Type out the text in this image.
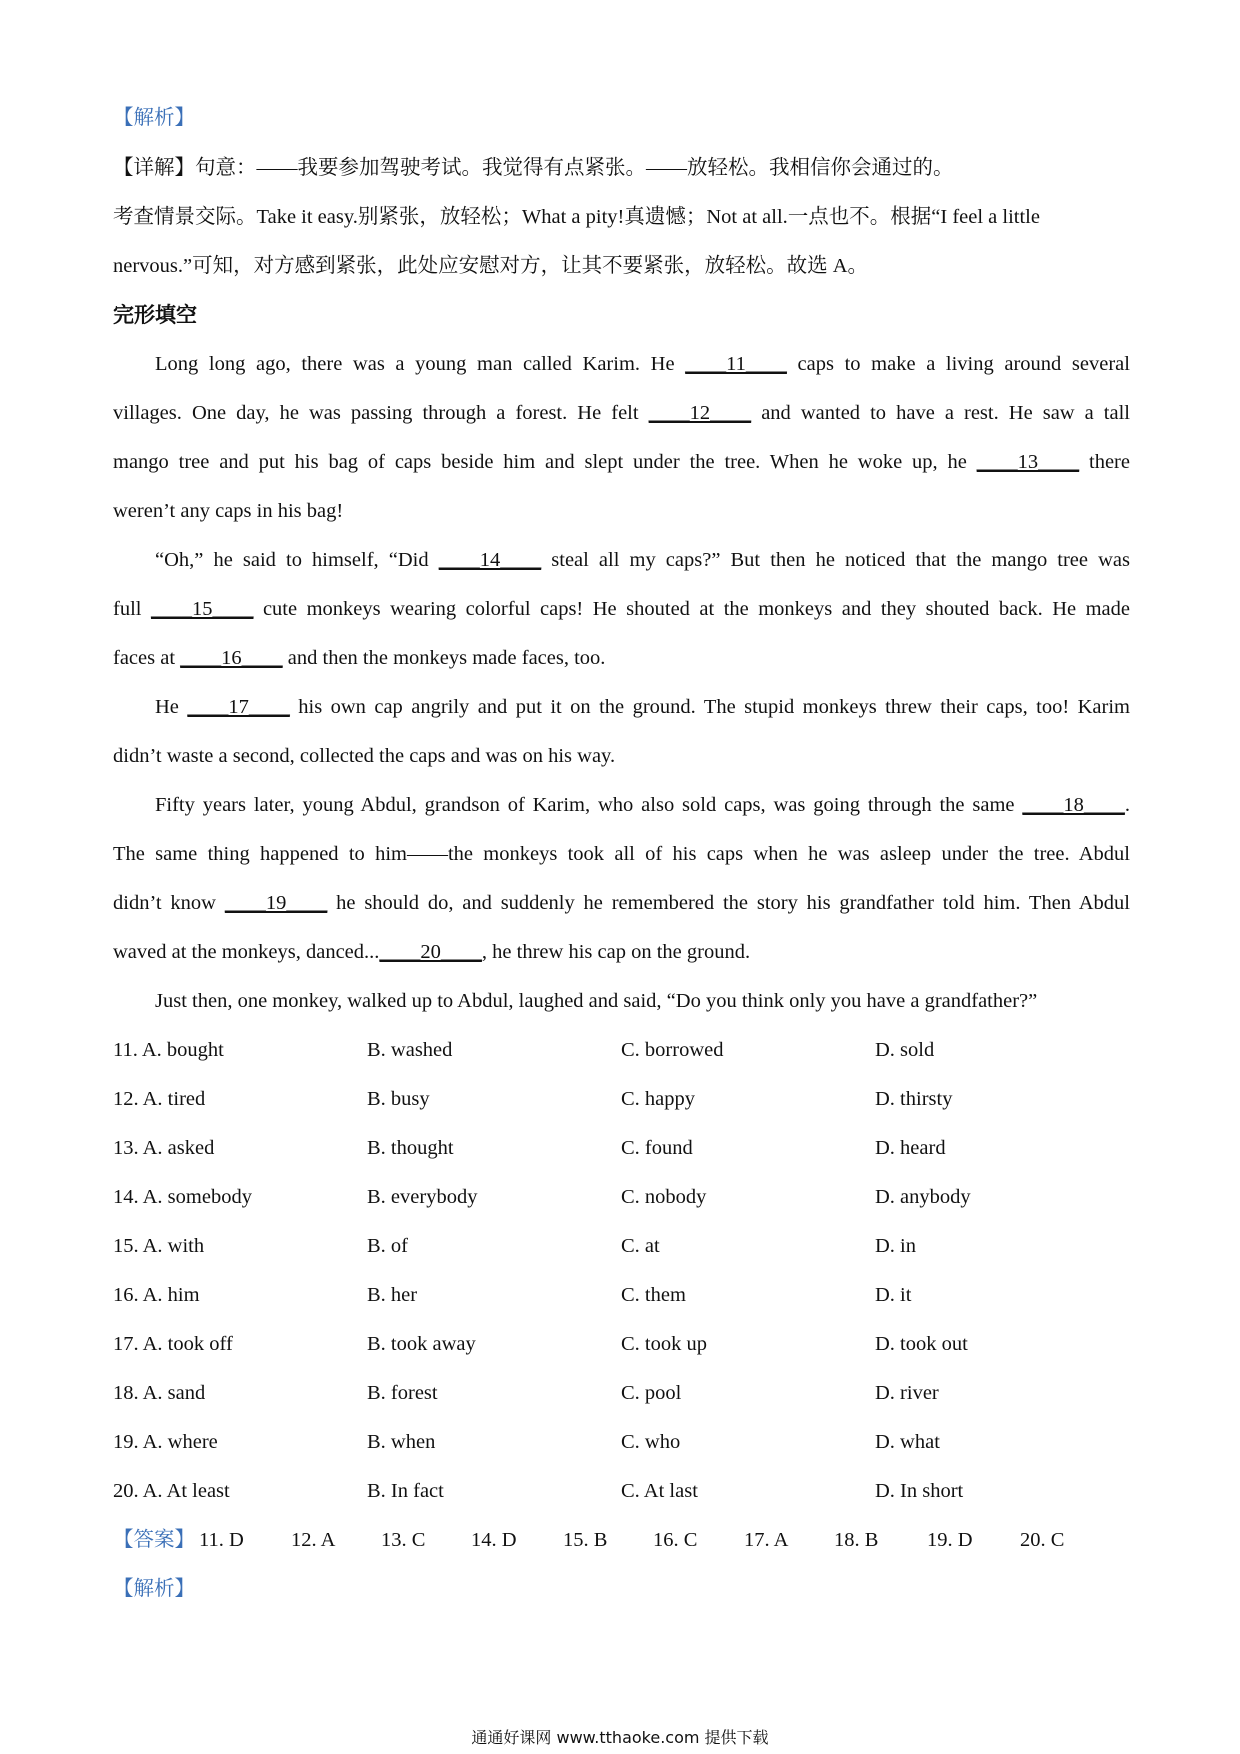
【解析】
【详解】句意：——我要参加驾驶考试。我觉得有点紧张。——放轻松。我相信你会通过的。
考查情景交际。Take it easy.别紧张，放轻松；What a pity!真遗憾；Not at all.一点也不。根据“I feel a little
nervous.”可知，对方感到紧张，此处应安慰对方，让其不要紧张，放轻松。故选 A。
完形填空
Long long ago, there was a young man called Karim. He ____11____ caps to make a living around several
villages. One day, he was passing through a forest. He felt ____12____ and wanted to have a rest. He saw a tall
mango tree and put his bag of caps beside him and slept under the tree. When he woke up, he ____13____ there
weren’t any caps in his bag!
“Oh,” he said to himself, “Did ____14____ steal all my caps?” But then he noticed that the mango tree was
full ____15____ cute monkeys wearing colorful caps! He shouted at the monkeys and they shouted back. He made
faces at ____16____ and then the monkeys made faces, too.
He ____17____ his own cap angrily and put it on the ground. The stupid monkeys threw their caps, too! Karim
didn’t waste a second, collected the caps and was on his way.
Fifty years later, young Abdul, grandson of Karim, who also sold caps, was going through the same ____18____.
The same thing happened to him——the monkeys took all of his caps when he was asleep under the tree. Abdul
didn’t know ____19____ he should do, and suddenly he remembered the story his grandfather told him. Then Abdul
waved at the monkeys, danced...____20____, he threw his cap on the ground.
Just then, one monkey, walked up to Abdul, laughed and said, “Do you think only you have a grandfather?”
11. A. bought	B. washed	C. borrowed	D. sold
12. A. tired	B. busy	C. happy	D. thirsty
13. A. asked	B. thought	C. found	D. heard
14. A. somebody	B. everybody	C. nobody	D. anybody
15. A. with	B. of	C. at	D. in
16. A. him	B. her	C. them	D. it
17. A. took off	B. took away	C. took up	D. took out
18. A. sand	B. forest	C. pool	D. river
19. A. where	B. when	C. who	D. what
20. A. At least	B. In fact	C. At last	D. In short
【答案】 11. D 12. A 13. C 14. D 15. B 16. C 17. A 18. B 19. D 20. C
【解析】
通通好课网 www.tthaoke.com 提供下载
